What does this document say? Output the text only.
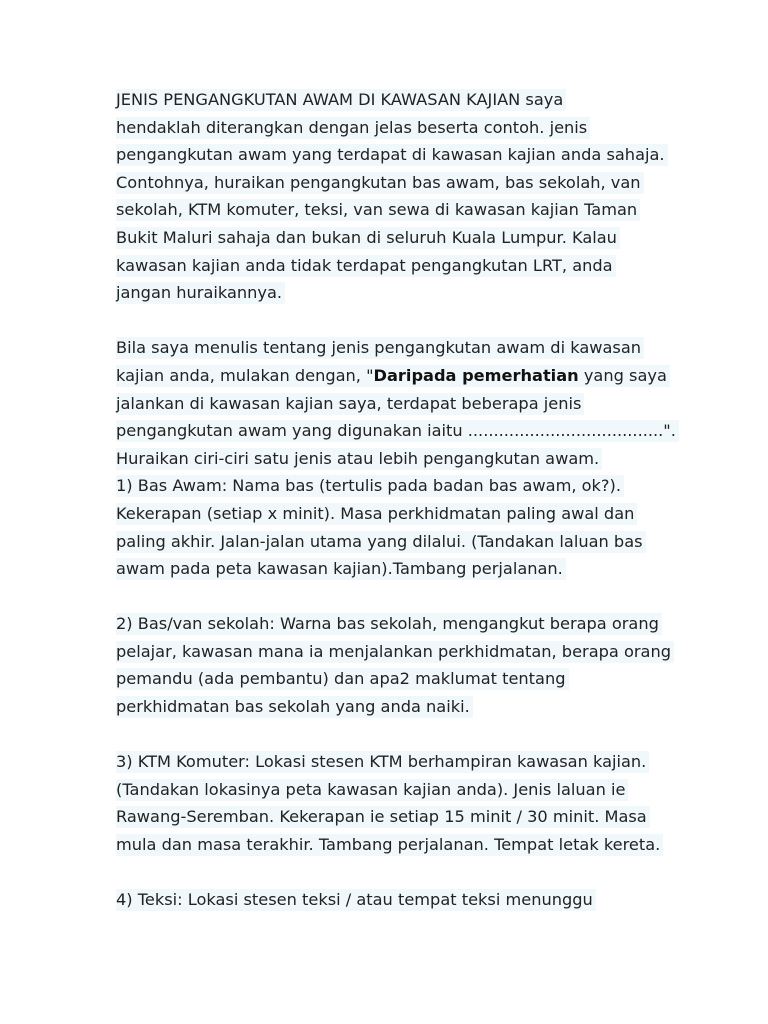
JENIS PENGANGKUTAN AWAM DI KAWASAN KAJIAN saya
hendaklah diterangkan dengan jelas beserta contoh. jenis
pengangkutan awam yang terdapat di kawasan kajian anda sahaja.
Contohnya, huraikan pengangkutan bas awam, bas sekolah, van
sekolah, KTM komuter, teksi, van sewa di kawasan kajian Taman
Bukit Maluri sahaja dan bukan di seluruh Kuala Lumpur. Kalau
kawasan kajian anda tidak terdapat pengangkutan LRT, anda
jangan huraikannya.
Bila saya menulis tentang jenis pengangkutan awam di kawasan
kajian anda, mulakan dengan, "Daripada pemerhatian yang saya
jalankan di kawasan kajian saya, terdapat beberapa jenis
pengangkutan awam yang digunakan iaitu ......................................".
Huraikan ciri-ciri satu jenis atau lebih pengangkutan awam.
1) Bas Awam: Nama bas (tertulis pada badan bas awam, ok?).
Kekerapan (setiap x minit). Masa perkhidmatan paling awal dan
paling akhir. Jalan-jalan utama yang dilalui. (Tandakan laluan bas
awam pada peta kawasan kajian).Tambang perjalanan.
2) Bas/van sekolah: Warna bas sekolah, mengangkut berapa orang
pelajar, kawasan mana ia menjalankan perkhidmatan, berapa orang
pemandu (ada pembantu) dan apa2 maklumat tentang
perkhidmatan bas sekolah yang anda naiki.
3) KTM Komuter: Lokasi stesen KTM berhampiran kawasan kajian.
(Tandakan lokasinya peta kawasan kajian anda). Jenis laluan ie
Rawang-Seremban. Kekerapan ie setiap 15 minit / 30 minit. Masa
mula dan masa terakhir. Tambang perjalanan. Tempat letak kereta.
4) Teksi: Lokasi stesen teksi / atau tempat teksi menunggu
